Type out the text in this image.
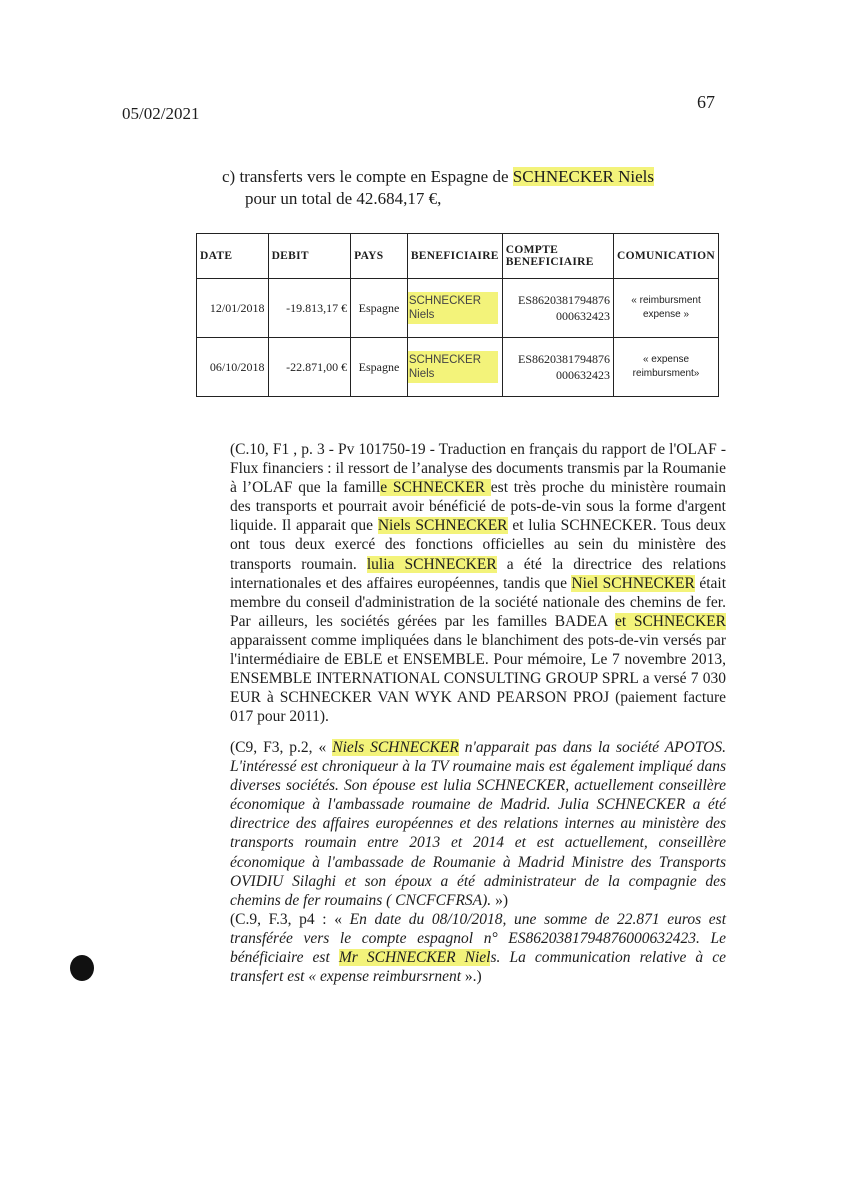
05/02/2021
67
c) transferts vers le compte en Espagne de SCHNECKER Niels
pour un total de 42.684,17 €,
DATE	DEBIT	PAYS	BENEFICIAIRE	COMPTE BENEFICIAIRE	COMUNICATION
12/01/2018	-19.813,17 €	Espagne	SCHNECKER Niels	ES8620381794876 000632423	« reimbursment expense »
06/10/2018	-22.871,00 €	Espagne	SCHNECKER Niels	ES8620381794876 000632423	« expense reimbursment»
(C.10, F1 , p. 3 - Pv 101750-19 - Traduction en français du rapport de l'OLAF - Flux financiers : il ressort de l’analyse des documents transmis par la Roumanie à l’OLAF que la famille SCHNECKER est très proche du ministère roumain des transports et pourrait avoir bénéficié de pots-de-vin sous la forme d'argent liquide. Il apparait que Niels SCHNECKER et lulia SCHNECKER. Tous deux ont tous deux exercé des fonctions officielles au sein du ministère des transports roumain. lulia SCHNECKER a été la directrice des relations internationales et des affaires européennes, tandis que Niel SCHNECKER était membre du conseil d'administration de la société nationale des chemins de fer. Par ailleurs, les sociétés gérées par les familles BADEA et SCHNECKER apparaissent comme impliquées dans le blanchiment des pots-de-vin versés par l'intermédiaire de EBLE et ENSEMBLE. Pour mémoire, Le 7 novembre 2013, ENSEMBLE INTERNATIONAL CONSULTING GROUP SPRL a versé 7 030 EUR à SCHNECKER VAN WYK AND PEARSON PROJ (paiement facture 017 pour 2011).
(C9, F3, p.2, « Niels SCHNECKER n'apparait pas dans la société APOTOS. L'intéressé est chroniqueur à la TV roumaine mais est également impliqué dans diverses sociétés. Son épouse est lulia SCHNECKER, actuellement conseillère économique à l'ambassade roumaine de Madrid. Julia SCHNECKER a été directrice des affaires européennes et des relations internes au ministère des transports roumain entre 2013 et 2014 et est actuellement, conseillère économique à l'ambassade de Roumanie à Madrid Ministre des Transports OVIDIU Silaghi et son époux a été administrateur de la compagnie des chemins de fer roumains ( CNCFCFRSA). »)
(C.9, F.3, p4 : « En date du 08/10/2018, une somme de 22.871 euros est transférée vers le compte espagnol n° ES8620381794876000632423. Le bénéficiaire est Mr SCHNECKER Niels. La communication relative à ce transfert est « expense reimbursrnent ».)
